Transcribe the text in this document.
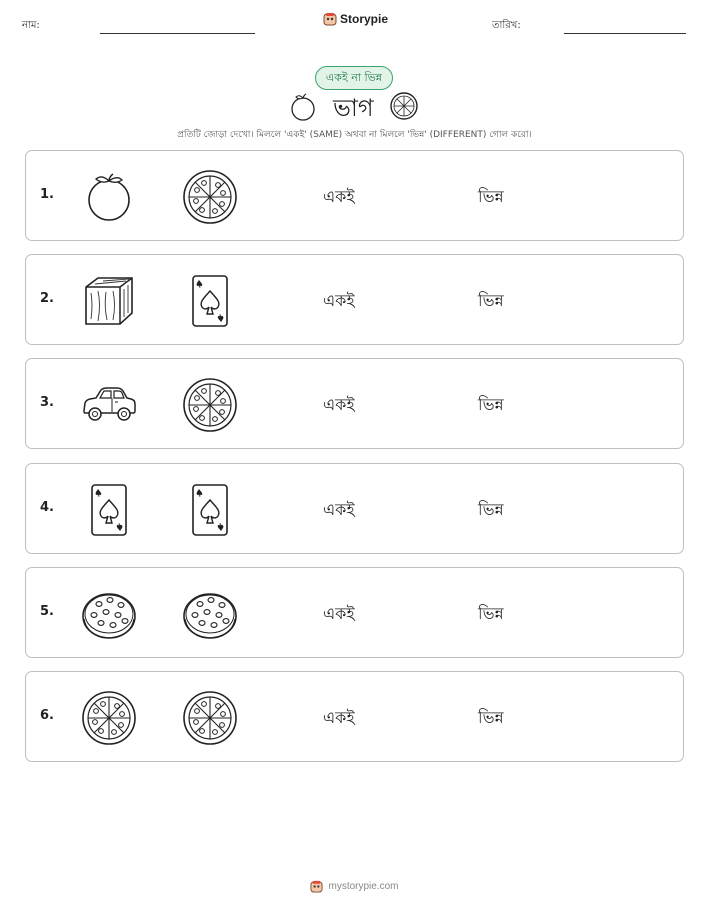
নাম:	Storypie	তারিখ:
একই না ভিন্ন
ভাগ
প্রতিটি জোড়া দেখো। মিললে 'একই' (SAME) অথবা না মিললে 'ভিন্ন' (DIFFERENT) গোল করো।
1.	একই	ভিন্ন
2.	একই	ভিন্ন
3.	একই	ভিন্ন
4.	একই	ভিন্ন
5.	একই	ভিন্ন
6.	একই	ভিন্ন
mystorypie.com
